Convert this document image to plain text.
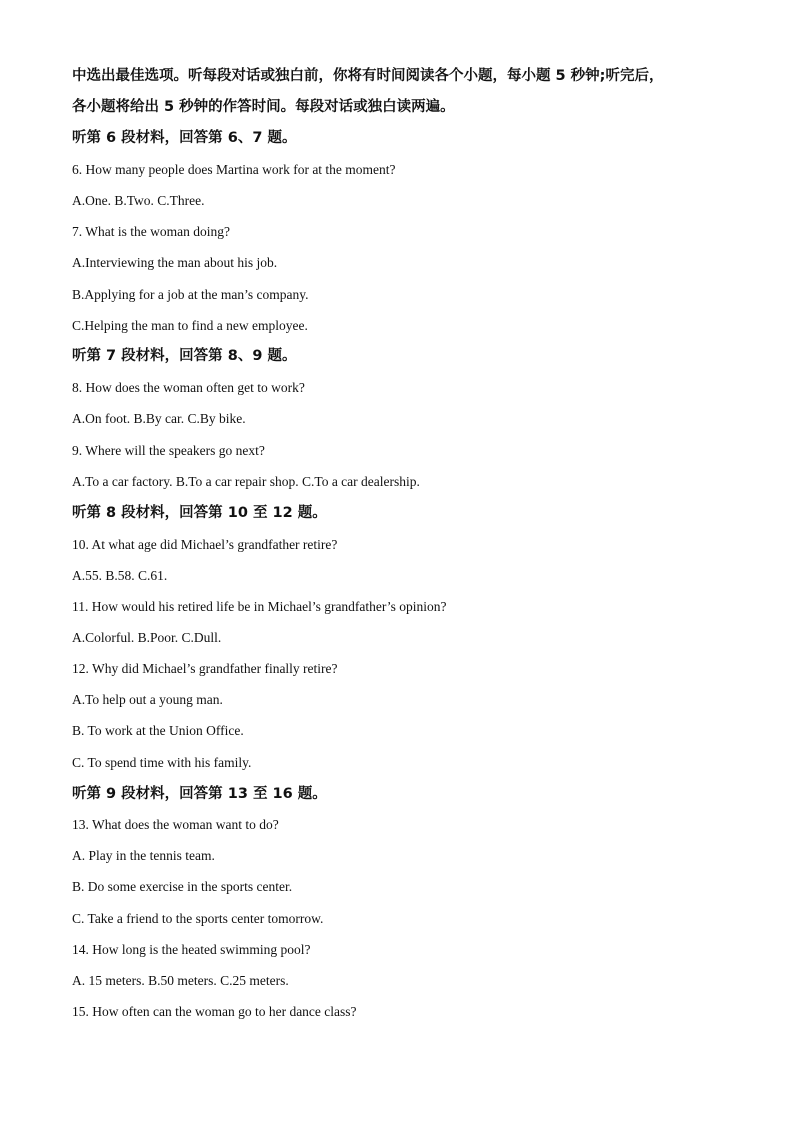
中选出最佳选项。听每段对话或独白前，你将有时间阅读各个小题，每小题 5 秒钟;听完后，
各小题将给出 5 秒钟的作答时间。每段对话或独白读两遍。
听第 6 段材料，回答第 6、7 题。
6. How many people does Martina work for at the moment?
A.One. B.Two. C.Three.
7. What is the woman doing?
A.Interviewing the man about his job.
B.Applying for a job at the man’s company.
C.Helping the man to find a new employee.
听第 7 段材料，回答第 8、9 题。
8. How does the woman often get to work?
A.On foot. B.By car. C.By bike.
9. Where will the speakers go next?
A.To a car factory. B.To a car repair shop. C.To a car dealership.
听第 8 段材料，回答第 10 至 12 题。
10. At what age did Michael’s grandfather retire?
A.55. B.58. C.61.
11. How would his retired life be in Michael’s grandfather’s opinion?
A.Colorful. B.Poor. C.Dull.
12. Why did Michael’s grandfather finally retire?
A.To help out a young man.
B. To work at the Union Office.
C. To spend time with his family.
听第 9 段材料，回答第 13 至 16 题。
13. What does the woman want to do?
A. Play in the tennis team.
B. Do some exercise in the sports center.
C. Take a friend to the sports center tomorrow.
14. How long is the heated swimming pool?
A. 15 meters. B.50 meters. C.25 meters.
15. How often can the woman go to her dance class?
